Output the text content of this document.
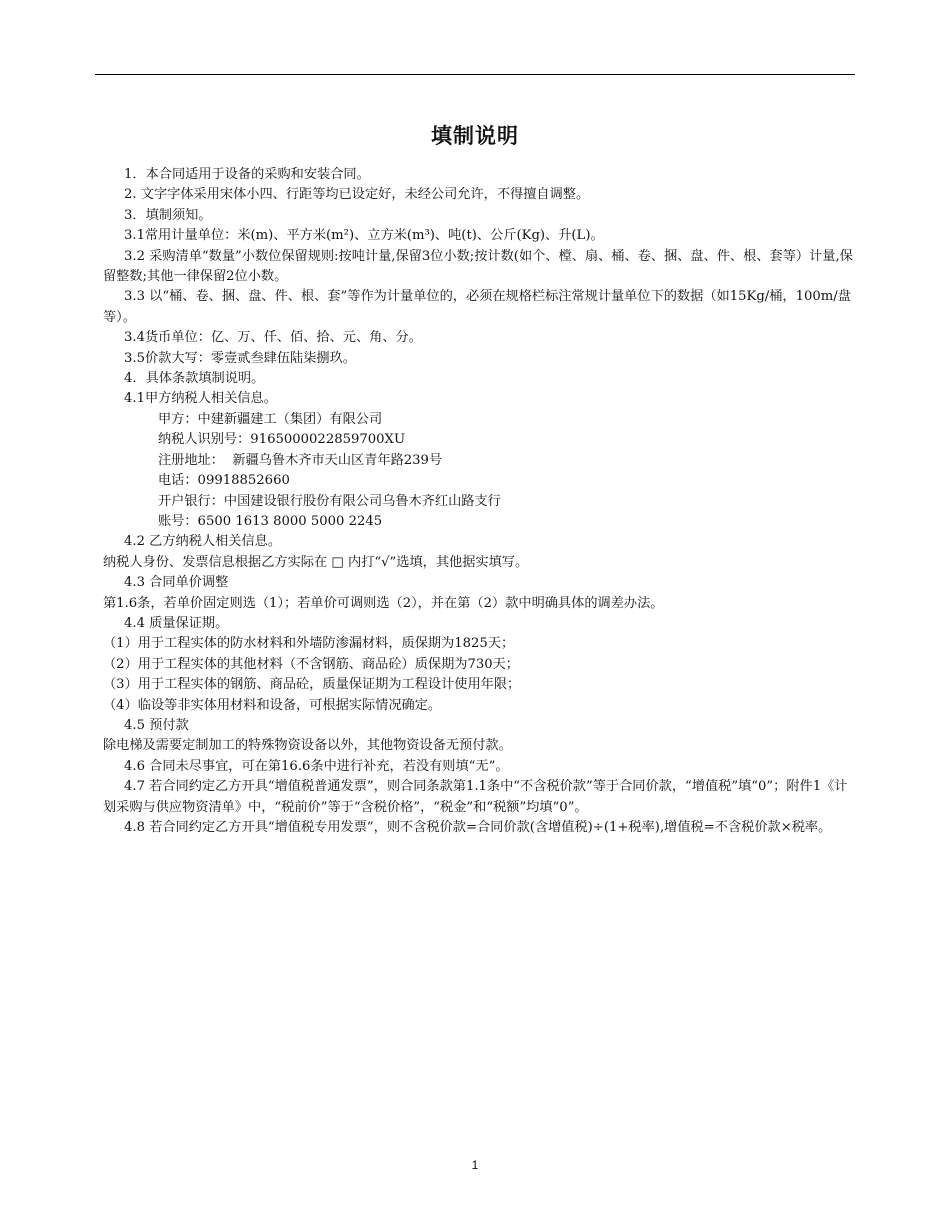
填制说明

1．本合同适用于设备的采购和安装合同。

2. 文字字体采用宋体小四、行距等均已设定好，未经公司允许，不得擅自调整。

3．填制须知。

3.1常用计量单位：米(m)、平方米(m²)、立方米(m³)、吨(t)、公斤(Kg)、升(L)。

3.2 采购清单“数量”小数位保留规则:按吨计量,保留3位小数;按计数(如个、樘、扇、桶、卷、捆、盘、件、根、套等）计量,保留整数;其他一律保留2位小数。

3.3 以“桶、卷、捆、盘、件、根、套”等作为计量单位的，必须在规格栏标注常规计量单位下的数据（如15Kg/桶，100m/盘等）。

3.4货币单位：亿、万、仟、佰、拾、元、角、分。

3.5价款大写：零壹贰叁肆伍陆柒捌玖。

4．具体条款填制说明。

4.1甲方纳税人相关信息。

甲方：中建新疆建工（集团）有限公司

纳税人识别号：9165000022859700XU

注册地址：  新疆乌鲁木齐市天山区青年路239号

电话：09918852660

开户银行：中国建设银行股份有限公司乌鲁木齐红山路支行

账号：6500 1613 8000 5000 2245

4.2 乙方纳税人相关信息。

纳税人身份、发票信息根据乙方实际在 □ 内打“√”选填，其他据实填写。

4.3 合同单价调整

第1.6条，若单价固定则选（1）；若单价可调则选（2），并在第（2）款中明确具体的调差办法。

4.4 质量保证期。

（1）用于工程实体的防水材料和外墙防渗漏材料，质保期为1825天；

（2）用于工程实体的其他材料（不含钢筋、商品砼）质保期为730天；

（3）用于工程实体的钢筋、商品砼，质量保证期为工程设计使用年限；

（4）临设等非实体用材料和设备，可根据实际情况确定。

4.5 预付款

除电梯及需要定制加工的特殊物资设备以外，其他物资设备无预付款。

4.6 合同未尽事宜，可在第16.6条中进行补充，若没有则填“无”。

4.7 若合同约定乙方开具“增值税普通发票”，则合同条款第1.1条中“不含税价款”等于合同价款，“增值税”填“0”；附件1《计划采购与供应物资清单》中，“税前价”等于“含税价格”，“税金”和“税额”均填“0”。

4.8 若合同约定乙方开具“增值税专用发票”，则不含税价款=合同价款(含增值税)÷(1+税率),增值税=不含税价款×税率。

1
